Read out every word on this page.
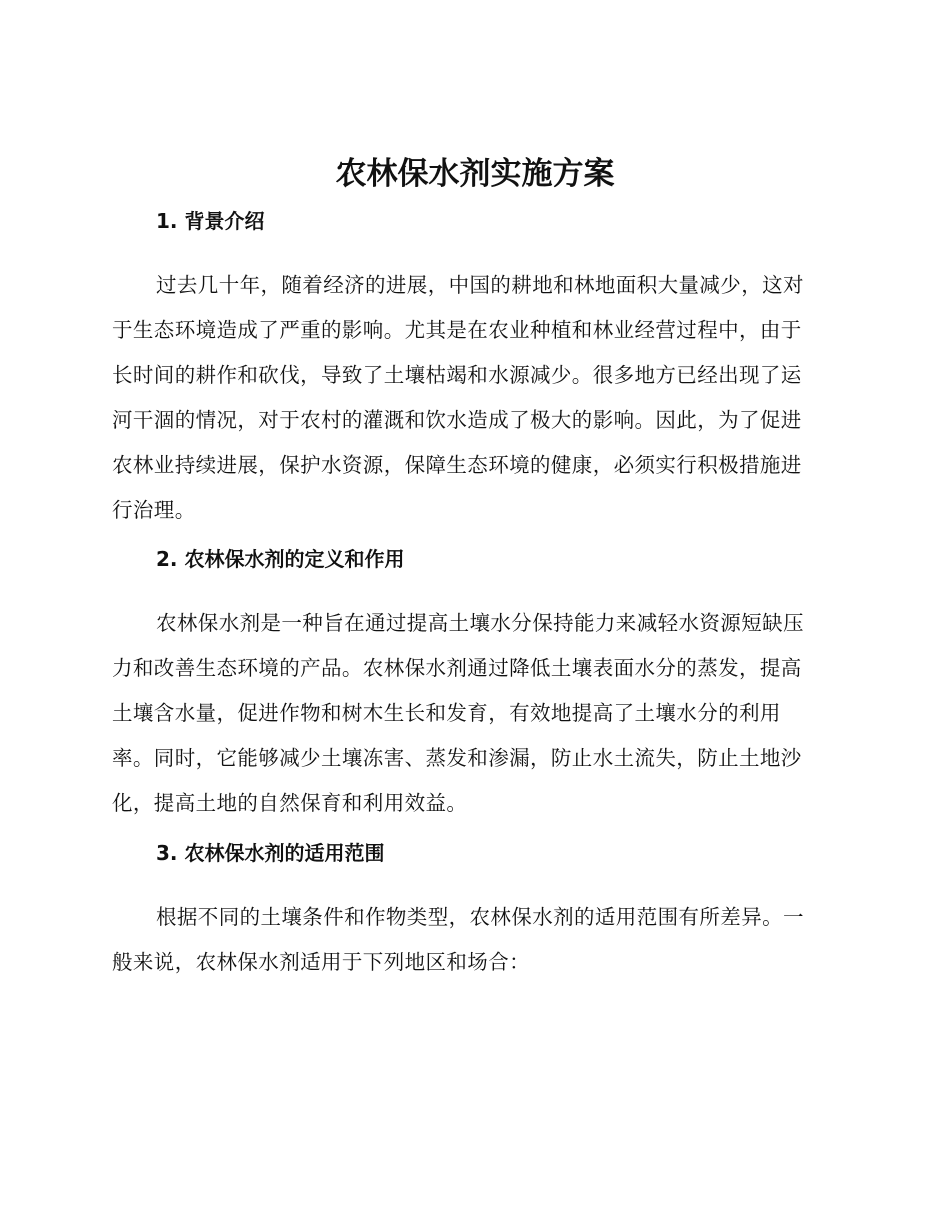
农林保水剂实施方案
1. 背景介绍

过去几十年，随着经济的进展，中国的耕地和林地面积大量减少，这对
于生态环境造成了严重的影响。尤其是在农业种植和林业经营过程中，由于
长时间的耕作和砍伐，导致了土壤枯竭和水源减少。很多地方已经出现了运
河干涸的情况，对于农村的灌溉和饮水造成了极大的影响。因此，为了促进
农林业持续进展，保护水资源，保障生态环境的健康，必须实行积极措施进
行治理。

2. 农林保水剂的定义和作用

农林保水剂是一种旨在通过提高土壤水分保持能力来减轻水资源短缺压
力和改善生态环境的产品。农林保水剂通过降低土壤表面水分的蒸发，提高
土壤含水量，促进作物和树木生长和发育，有效地提高了土壤水分的利用
率。同时，它能够减少土壤冻害、蒸发和渗漏，防止水土流失，防止土地沙
化，提高土地的自然保育和利用效益。

3. 农林保水剂的适用范围

根据不同的土壤条件和作物类型，农林保水剂的适用范围有所差异。一
般来说，农林保水剂适用于下列地区和场合：
